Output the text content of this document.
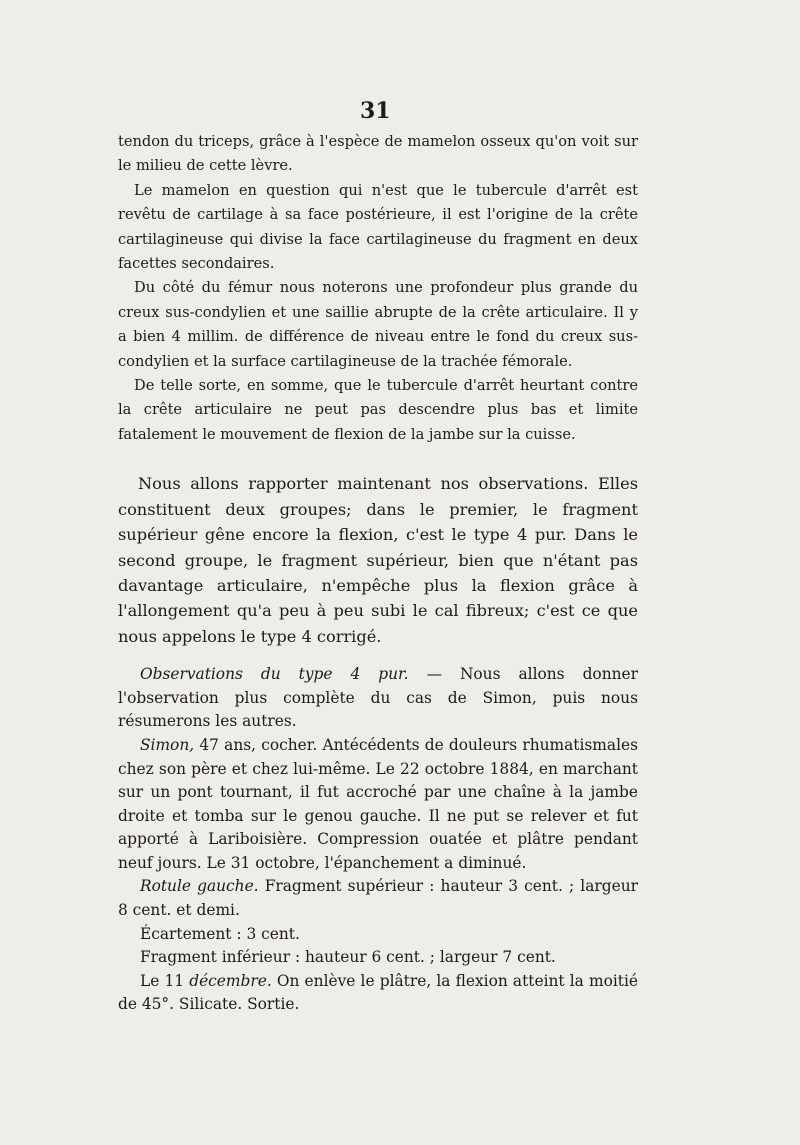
31

tendon du triceps, grâce à l'espèce de mamelon osseux qu'on voit sur le milieu de cette lèvre.

Le mamelon en question qui n'est que le tubercule d'arrêt est revêtu de cartilage à sa face postérieure, il est l'origine de la crête cartilagineuse qui divise la face cartilagineuse du fragment en deux facettes secondaires.

Du côté du fémur nous noterons une profondeur plus grande du creux sus-condylien et une saillie abrupte de la crête articulaire. Il y a bien 4 millim. de différence de niveau entre le fond du creux sus-condylien et la surface cartilagineuse de la trachée fémorale.

De telle sorte, en somme, que le tubercule d'arrêt heurtant contre la crête articulaire ne peut pas descendre plus bas et limite fatalement le mouvement de flexion de la jambe sur la cuisse.

Nous allons rapporter maintenant nos observations. Elles constituent deux groupes; dans le premier, le fragment supérieur gêne encore la flexion, c'est le type 4 pur. Dans le second groupe, le fragment supérieur, bien que n'étant pas davantage articulaire, n'empêche plus la flexion grâce à l'allongement qu'a peu à peu subi le cal fibreux; c'est ce que nous appelons le type 4 corrigé.

Observations du type 4 pur. — Nous allons donner l'observation plus complète du cas de Simon, puis nous résumerons les autres.

Simon, 47 ans, cocher. Antécédents de douleurs rhumatismales chez son père et chez lui-même. Le 22 octobre 1884, en marchant sur un pont tournant, il fut accroché par une chaîne à la jambe droite et tomba sur le genou gauche. Il ne put se relever et fut apporté à Lariboisière. Compression ouatée et plâtre pendant neuf jours. Le 31 octobre, l'épanchement a diminué.

Rotule gauche. Fragment supérieur : hauteur 3 cent. ; largeur 8 cent. et demi.

Écartement : 3 cent.

Fragment inférieur : hauteur 6 cent. ; largeur 7 cent.

Le 11 décembre. On enlève le plâtre, la flexion atteint la moitié de 45°. Silicate. Sortie.
